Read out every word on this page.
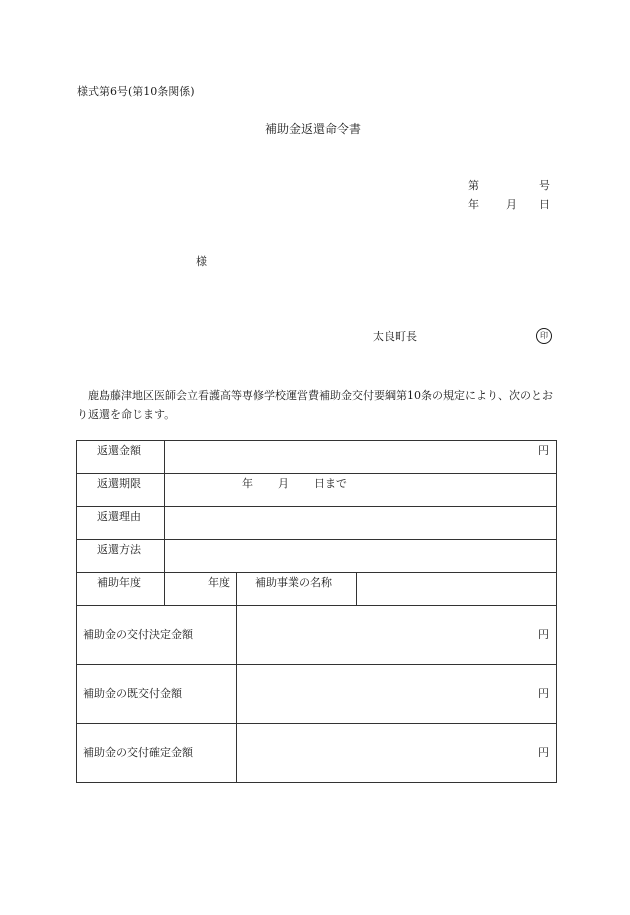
様式第6号(第10条関係)
補助金返還命令書
第	号
年 月 日
様
太良町長	印
鹿島藤津地区医師会立看護高等専修学校運営費補助金交付要綱第10条の規定により、次のとおり返還を命じます。
返還金額	円		

返還期限	年 月 日まで		

返還理由			
返還方法			
補助年度	年度	補助事業の名称	
補助金の交付決定金額		円	

補助金の既交付金額		円	

補助金の交付確定金額		円	
